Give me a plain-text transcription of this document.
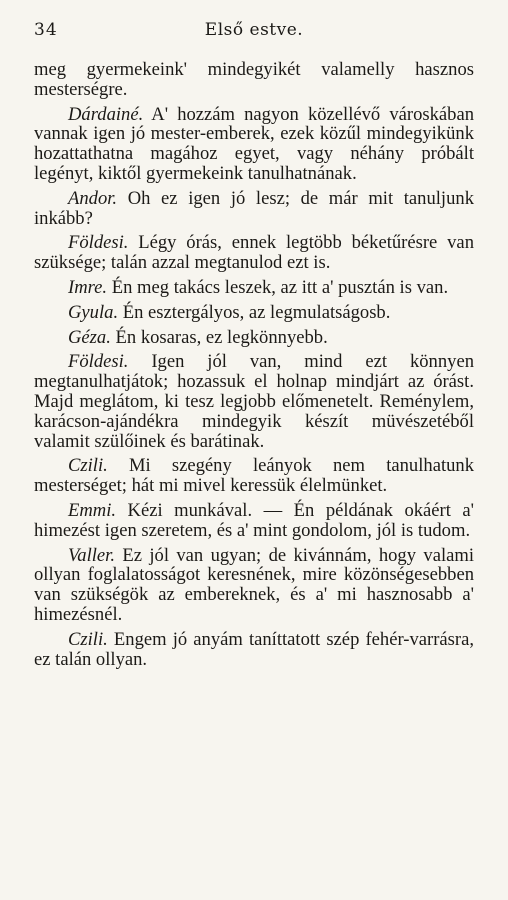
34	Első estve.

meg gyermekeink' mindegyikét valamelly hasznos mesterségre.

Dárdainé. A' hozzám nagyon közellévő városkában vannak igen jó mester-emberek, ezek közűl mindegyikünk hozattathatna magához egyet, vagy néhány próbált legényt, kiktől gyermekeink tanulhatnának.

Andor. Oh ez igen jó lesz; de már mit tanuljunk inkább?

Földesi. Légy órás, ennek legtöbb béketűrésre van szüksége; talán azzal megtanulod ezt is.

Imre. Én meg takács leszek, az itt a' pusztán is van.

Gyula. Én esztergályos, az legmulatságosb.

Géza. Én kosaras, ez legkönnyebb.

Földesi. Igen jól van, mind ezt könnyen megtanulhatjátok; hozassuk el holnap mindjárt az órást. Majd meglátom, ki tesz legjobb előmenetelt. Reménylem, karácson-ajándékra mindegyik készít müvészetéből valamit szülőinek és barátinak.

Czili. Mi szegény leányok nem tanulhatunk mesterséget; hát mi mivel keressük élelmünket.

Emmi. Kézi munkával. — Én példának okáért a' himezést igen szeretem, és a' mint gondolom, jól is tudom.

Valler. Ez jól van ugyan; de kivánnám, hogy valami ollyan foglalatosságot keresnének, mire közönségesebben van szükségök az embereknek, és a' mi hasznosabb a' himezésnél.

Czili. Engem jó anyám taníttatott szép fehér-varrásra, ez talán ollyan.
